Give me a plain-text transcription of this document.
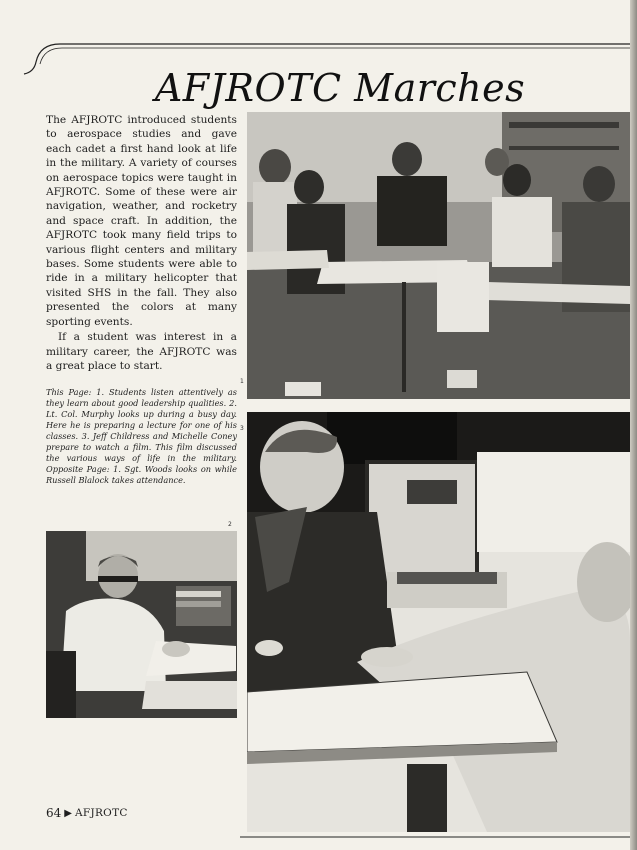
AFJROTC Marches

The AFJROTC introduced students to aerospace studies and gave each cadet a first hand look at life in the military. A variety of courses on aerospace topics were taught in AFJROTC. Some of these were air navigation, weather, and rocketry and space craft. In addition, the AFJROTC took many field trips to various flight centers and military bases. Some students were able to ride in a military helicopter that visited SHS in the fall. They also presented the colors at many sporting events.

If a student was interest in a military career, the AFJROTC was a great place to start.

1

This Page: 1. Students listen attentively as they learn about good leadership qualities. 2. Lt. Col. Murphy looks up during a busy day. Here he is preparing a lecture for one of his classes. 3. Jeff Childress and Michelle Coney prepare to watch a film. This film discussed the various ways of life in the military. Opposite Page: 1. Sgt. Woods looks on while Russell Blalock takes attendance.

3
2
64 ▶ AFJROTC
